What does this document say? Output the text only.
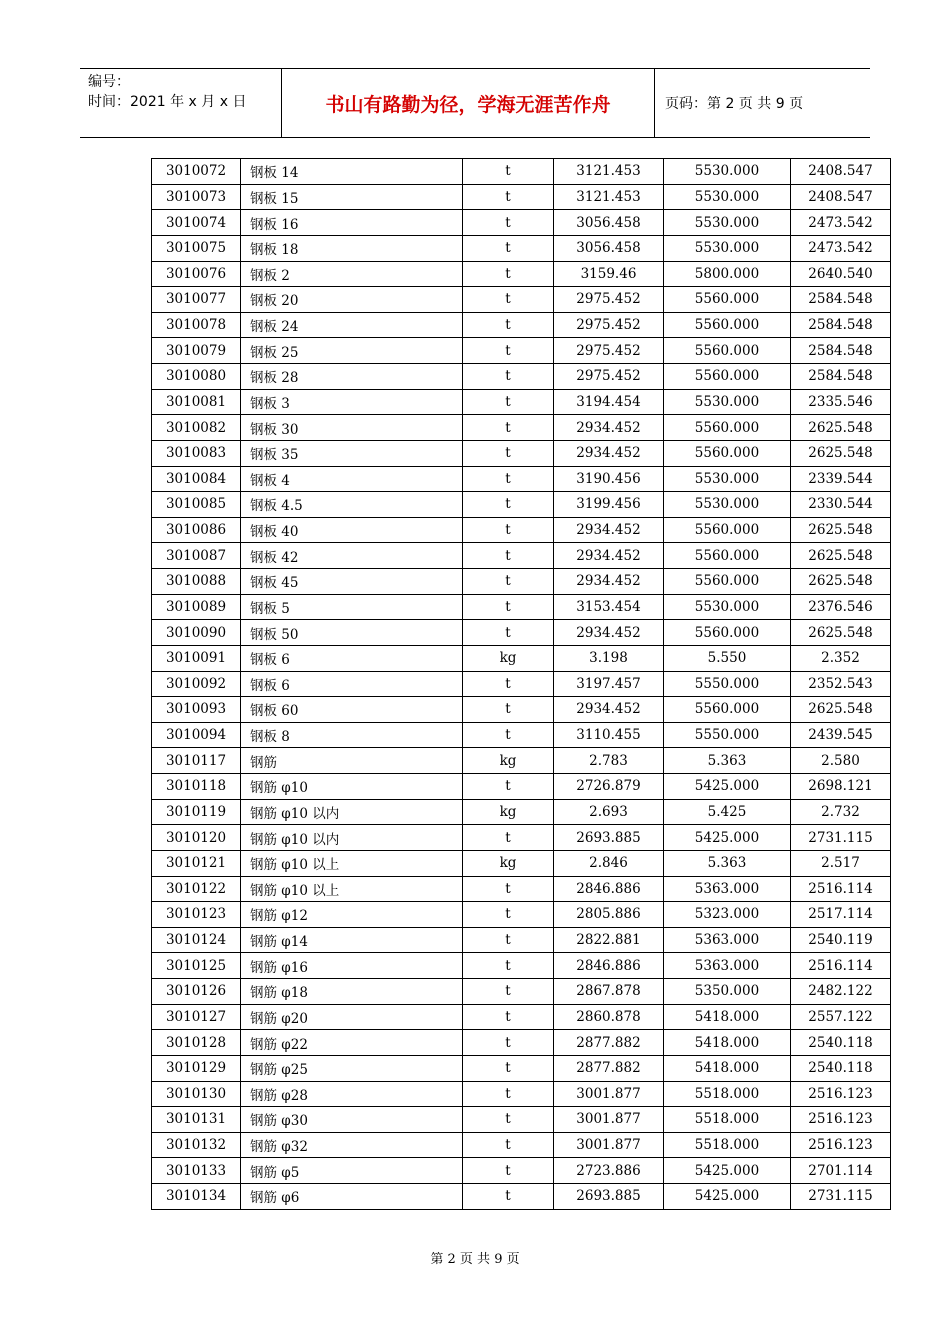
编号：
时间：2021 年 x 月 x 日	书山有路勤为径，学海无涯苦作舟	页码：第 2 页 共 9 页
3010072	钢板 14	t	3121.453	5530.000	2408.547
3010073	钢板 15	t	3121.453	5530.000	2408.547
3010074	钢板 16	t	3056.458	5530.000	2473.542
3010075	钢板 18	t	3056.458	5530.000	2473.542
3010076	钢板 2	t	3159.46	5800.000	2640.540
3010077	钢板 20	t	2975.452	5560.000	2584.548
3010078	钢板 24	t	2975.452	5560.000	2584.548
3010079	钢板 25	t	2975.452	5560.000	2584.548
3010080	钢板 28	t	2975.452	5560.000	2584.548
3010081	钢板 3	t	3194.454	5530.000	2335.546
3010082	钢板 30	t	2934.452	5560.000	2625.548
3010083	钢板 35	t	2934.452	5560.000	2625.548
3010084	钢板 4	t	3190.456	5530.000	2339.544
3010085	钢板 4.5	t	3199.456	5530.000	2330.544
3010086	钢板 40	t	2934.452	5560.000	2625.548
3010087	钢板 42	t	2934.452	5560.000	2625.548
3010088	钢板 45	t	2934.452	5560.000	2625.548
3010089	钢板 5	t	3153.454	5530.000	2376.546
3010090	钢板 50	t	2934.452	5560.000	2625.548
3010091	钢板 6	kg	3.198	5.550	2.352
3010092	钢板 6	t	3197.457	5550.000	2352.543
3010093	钢板 60	t	2934.452	5560.000	2625.548
3010094	钢板 8	t	3110.455	5550.000	2439.545
3010117	钢筋	kg	2.783	5.363	2.580
3010118	钢筋 φ10	t	2726.879	5425.000	2698.121
3010119	钢筋 φ10 以内	kg	2.693	5.425	2.732
3010120	钢筋 φ10 以内	t	2693.885	5425.000	2731.115
3010121	钢筋 φ10 以上	kg	2.846	5.363	2.517
3010122	钢筋 φ10 以上	t	2846.886	5363.000	2516.114
3010123	钢筋 φ12	t	2805.886	5323.000	2517.114
3010124	钢筋 φ14	t	2822.881	5363.000	2540.119
3010125	钢筋 φ16	t	2846.886	5363.000	2516.114
3010126	钢筋 φ18	t	2867.878	5350.000	2482.122
3010127	钢筋 φ20	t	2860.878	5418.000	2557.122
3010128	钢筋 φ22	t	2877.882	5418.000	2540.118
3010129	钢筋 φ25	t	2877.882	5418.000	2540.118
3010130	钢筋 φ28	t	3001.877	5518.000	2516.123
3010131	钢筋 φ30	t	3001.877	5518.000	2516.123
3010132	钢筋 φ32	t	3001.877	5518.000	2516.123
3010133	钢筋 φ5	t	2723.886	5425.000	2701.114
3010134	钢筋 φ6	t	2693.885	5425.000	2731.115
第 2 页 共 9 页
